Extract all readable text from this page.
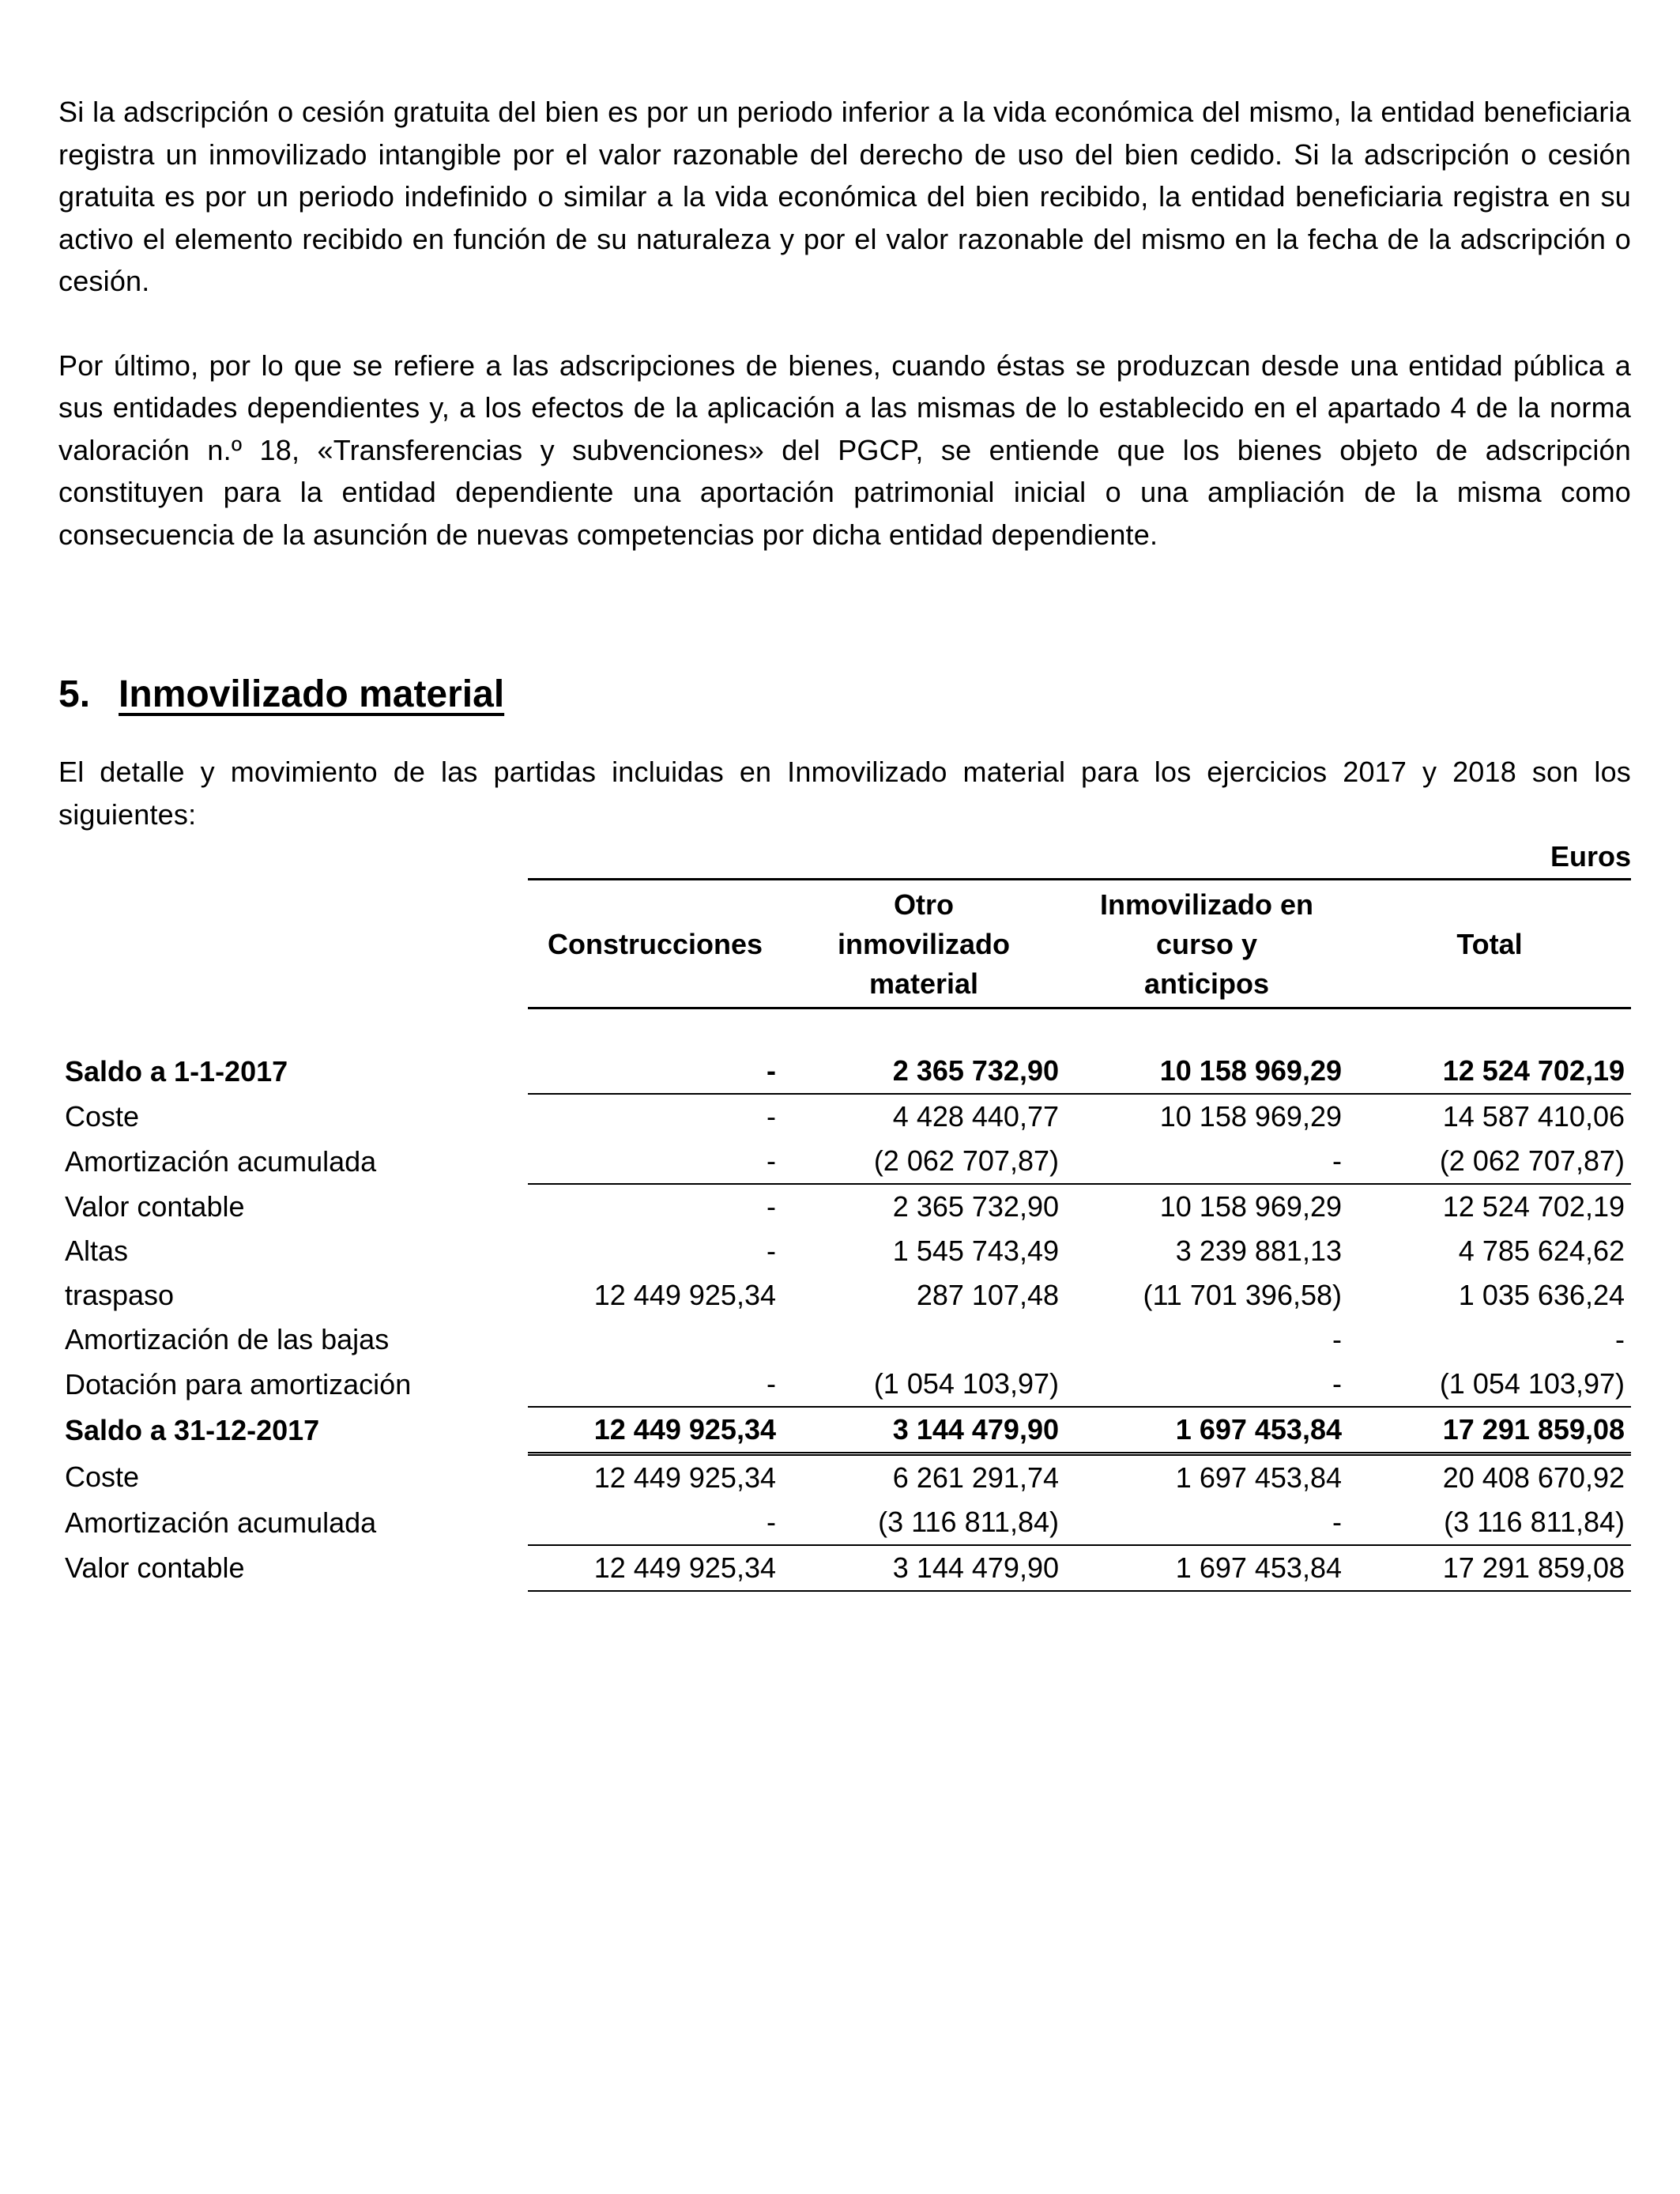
Si la adscripción o cesión gratuita del bien es por un periodo inferior a la vida económica del mismo, la entidad beneficiaria registra un inmovilizado intangible por el valor razonable del derecho de uso del bien cedido. Si la adscripción o cesión gratuita es por un periodo indefinido o similar a la vida económica del bien recibido, la entidad beneficiaria registra en su activo el elemento recibido en función de su naturaleza y por el valor razonable del mismo en la fecha de la adscripción o cesión.

Por último, por lo que se refiere a las adscripciones de bienes, cuando éstas se produzcan desde una entidad pública a sus entidades dependientes y, a los efectos de la aplicación a las mismas de lo establecido en el apartado 4 de la norma valoración n.º 18, «Transferencias y subvenciones» del PGCP, se entiende que los bienes objeto de adscripción constituyen para la entidad dependiente una aportación patrimonial inicial o una ampliación de la misma como consecuencia de la asunción de nuevas competencias por dicha entidad dependiente.

5. Inmovilizado material

El detalle y movimiento de las partidas incluidas en Inmovilizado material para los ejercicios 2017 y 2018 son los siguientes:

Euros
	Construcciones	Otro inmovilizado material	Inmovilizado en curso y anticipos	Total

Saldo a 1-1-2017	-	2 365 732,90	10 158 969,29	12 524 702,19
Coste	-	4 428 440,77	10 158 969,29	14 587 410,06
Amortización acumulada	-	(2 062 707,87)	-	(2 062 707,87)
Valor contable	-	2 365 732,90	10 158 969,29	12 524 702,19
Altas	-	1 545 743,49	3 239 881,13	4 785 624,62
traspaso	12 449 925,34	287 107,48	(11 701 396,58)	1 035 636,24
Amortización de las bajas			-	-
Dotación para amortización	-	(1 054 103,97)	-	(1 054 103,97)
Saldo a 31-12-2017	12 449 925,34	3 144 479,90	1 697 453,84	17 291 859,08
Coste	12 449 925,34	6 261 291,74	1 697 453,84	20 408 670,92
Amortización acumulada	-	(3 116 811,84)	-	(3 116 811,84)
Valor contable	12 449 925,34	3 144 479,90	1 697 453,84	17 291 859,08
